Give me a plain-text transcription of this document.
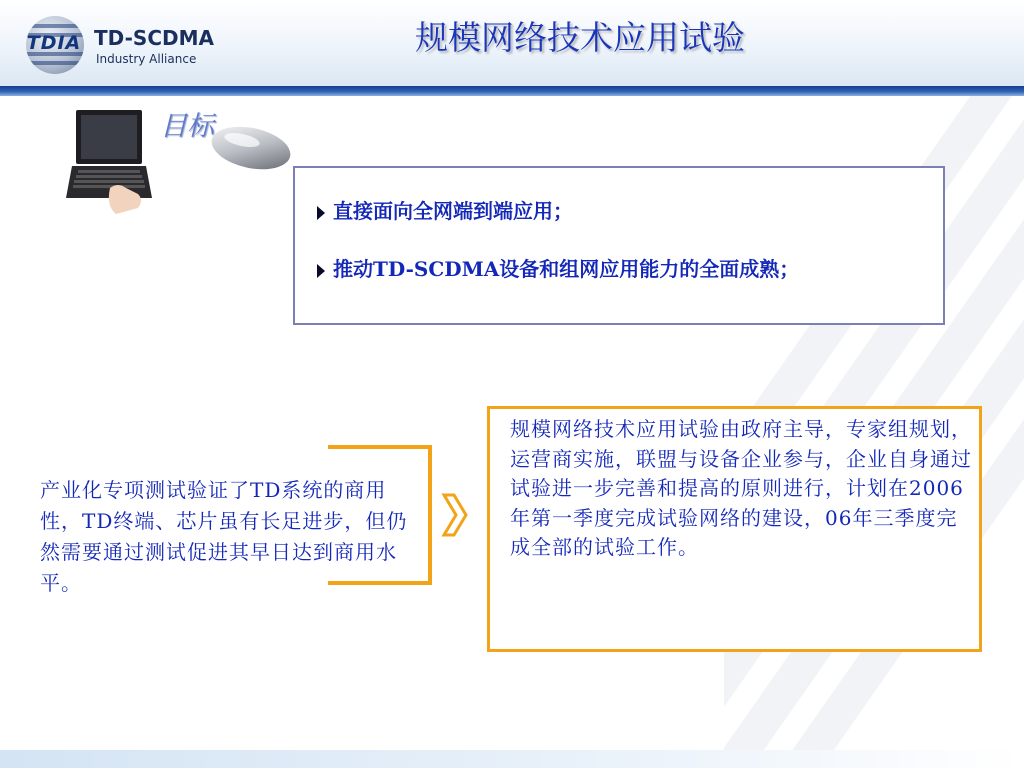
TDIA TD-SCDMA
Industry Alliance
规模网络技术应用试验
目标
直接面向全网端到端应用；
推动TD-SCDMA设备和组网应用能力的全面成熟；
产业化专项测试验证了TD系统的商用性，TD终端、芯片虽有长足进步，但仍然需要通过测试促进其早日达到商用水平。
规模网络技术应用试验由政府主导，专家组规划，运营商实施，联盟与设备企业参与，企业自身通过试验进一步完善和提高的原则进行，计划在2006年第一季度完成试验网络的建设，06年三季度完成全部的试验工作。
